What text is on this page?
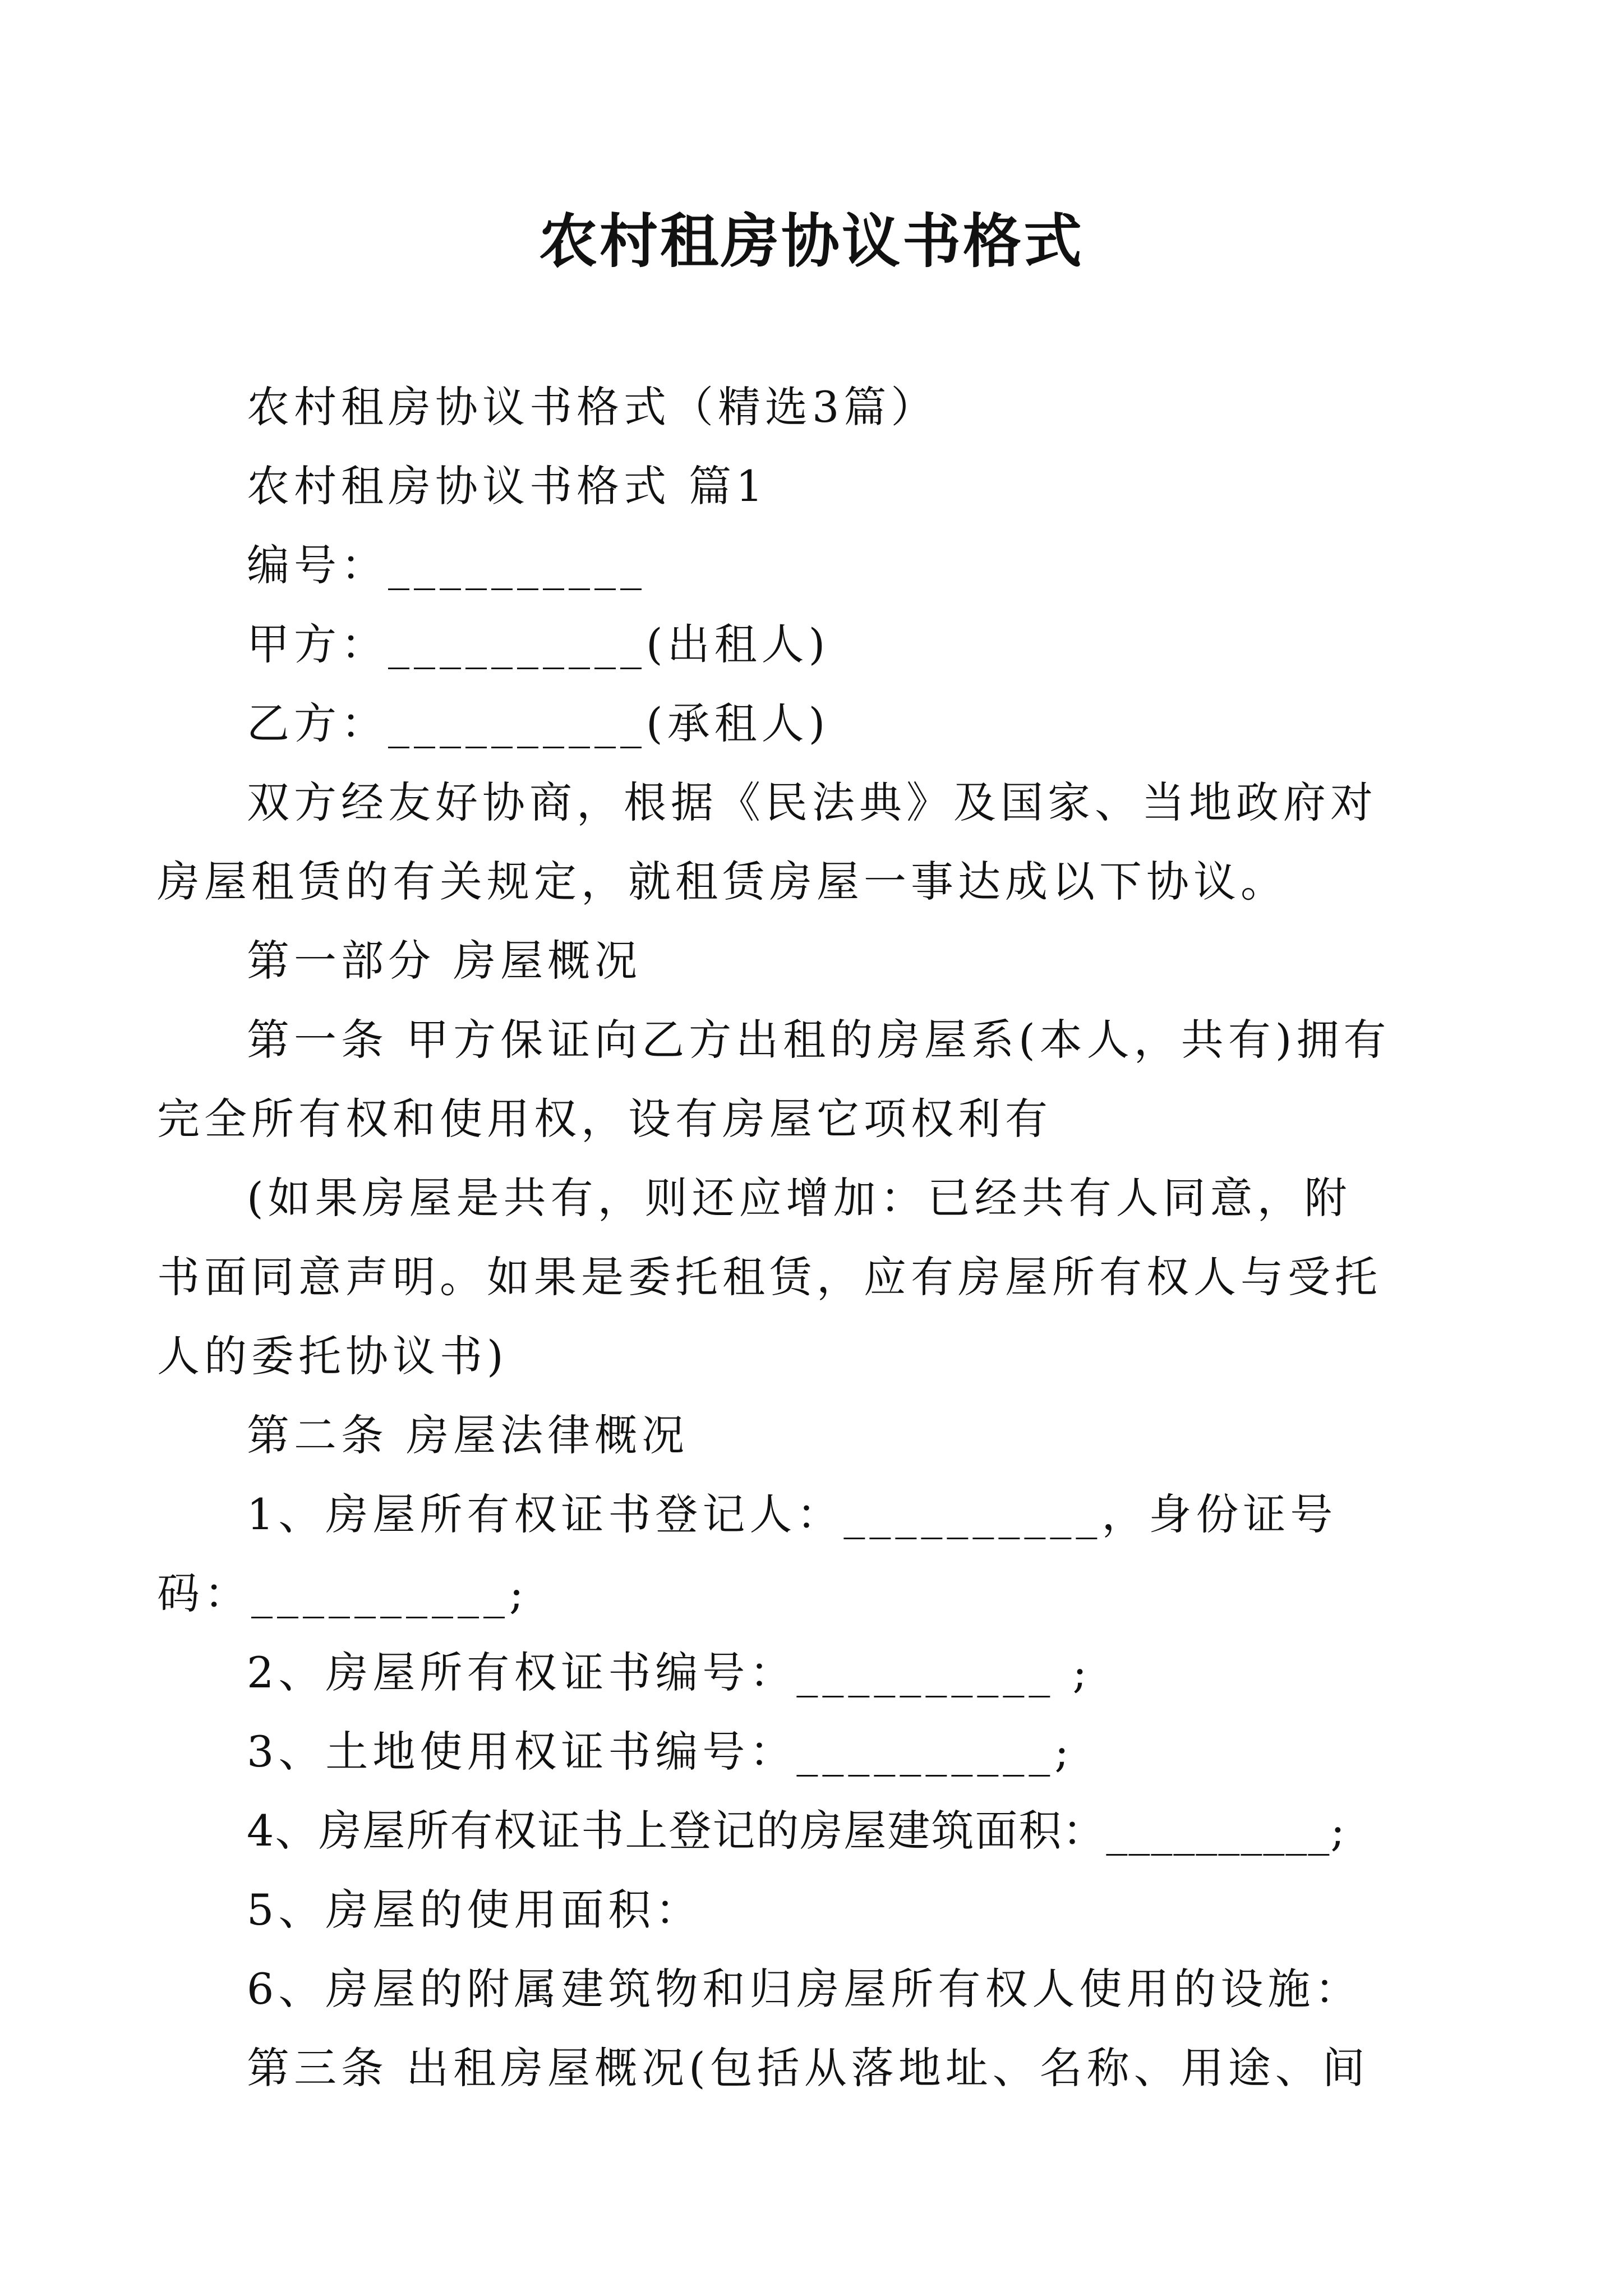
农村租房协议书格式

农村租房协议书格式（精选3篇）

农村租房协议书格式 篇1

编号：__________

甲方：__________(出租人)

乙方：__________(承租人)

双方经友好协商，根据《民法典》及国家、当地政府对房屋租赁的有关规定，就租赁房屋一事达成以下协议。

第一部分 房屋概况

第一条 甲方保证向乙方出租的房屋系(本人，共有)拥有完全所有权和使用权，设有房屋它项权利有

(如果房屋是共有，则还应增加：已经共有人同意，附书面同意声明。如果是委托租赁，应有房屋所有权人与受托人的委托协议书)

第二条 房屋法律概况

1、房屋所有权证书登记人：__________，身份证号码：__________;

2、房屋所有权证书编号：__________ ;

3、土地使用权证书编号：__________;

4、房屋所有权证书上登记的房屋建筑面积：__________;

5、房屋的使用面积：

6、房屋的附属建筑物和归房屋所有权人使用的设施：

第三条 出租房屋概况(包括从落地址、名称、用途、间
